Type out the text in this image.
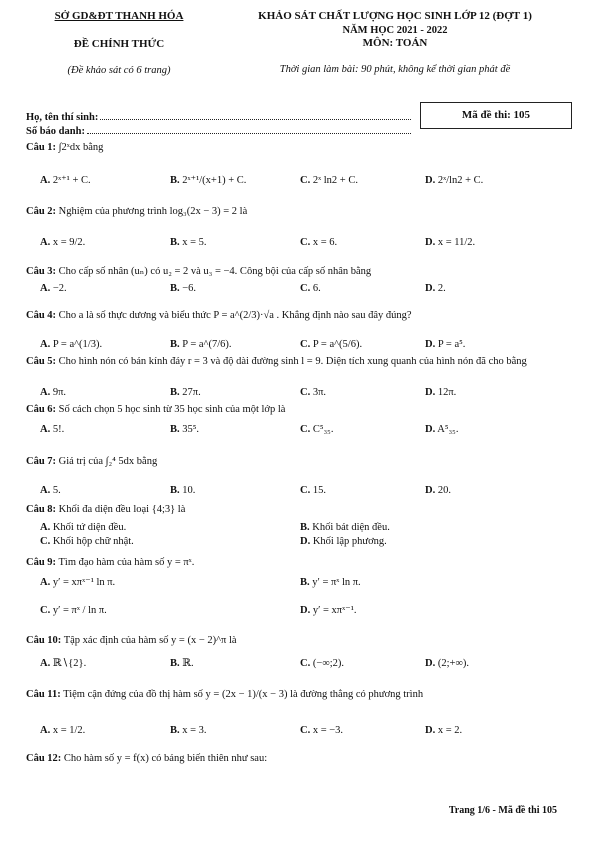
SỞ GD&ĐT THANH HÓA
ĐỀ CHÍNH THỨC
(Đề khảo sát có 6 trang)
KHẢO SÁT CHẤT LƯỢNG HỌC SINH LỚP 12 (ĐỢT 1)
NĂM HỌC 2021 - 2022
MÔN: TOÁN
Thời gian làm bài: 90 phút, không kể thời gian phát đề
Họ, tên thí sinh:
Số báo danh:
Mã đề thi: 105
Câu 1: ∫2ˣdx bằng
A. 2ˣ⁺¹ + C.	B. 2ˣ⁺¹/(x+1) + C.	C. 2ˣ ln2 + C.	D. 2ˣ/ln2 + C.
Câu 2: Nghiệm của phương trình log₃(2x − 3) = 2 là
A. x = 9/2.	B. x = 5.	C. x = 6.	D. x = 11/2.
Câu 3: Cho cấp số nhân (uₙ) có u₂ = 2 và u₃ = −4. Công bội của cấp số nhân bằng
A. −2.	B. −6.	C. 6.	D. 2.
Câu 4: Cho a là số thực dương và biểu thức P = a^(2/3)·√a . Khẳng định nào sau đây đúng?
A. P = a^(1/3).	B. P = a^(7/6).	C. P = a^(5/6).	D. P = a⁵.
Câu 5: Cho hình nón có bán kính đáy r = 3 và độ dài đường sinh l = 9. Diện tích xung quanh của hình nón đã cho bằng
A. 9π.	B. 27π.	C. 3π.	D. 12π.
Câu 6: Số cách chọn 5 học sinh từ 35 học sinh của một lớp là
A. 5!.	B. 35⁵.	C. C⁵₃₅.	D. A⁵₃₅.
Câu 7: Giá trị của ∫₂⁴ 5dx bằng
A. 5.	B. 10.	C. 15.	D. 20.
Câu 8: Khối đa diện đều loại {4;3} là
A. Khối tứ diện đều.	B. Khối bát diện đều.
C. Khối hộp chữ nhật.	D. Khối lập phương.
Câu 9: Tìm đạo hàm của hàm số y = πˣ.
A. y′ = xπˣ⁻¹ ln π.	B. y′ = πˣ ln π.
C. y′ = πˣ / ln π.	D. y′ = xπˣ⁻¹.
Câu 10: Tập xác định của hàm số y = (x − 2)^π là
A. ℝ∖{2}.	B. ℝ.	C. (−∞;2).	D. (2;+∞).
Câu 11: Tiệm cận đứng của đồ thị hàm số y = (2x − 1)/(x − 3) là đường thẳng có phương trình
A. x = 1/2.	B. x = 3.	C. x = −3.	D. x = 2.
Câu 12: Cho hàm số y = f(x) có bảng biến thiên như sau:
Trang 1/6 - Mã đề thi 105
